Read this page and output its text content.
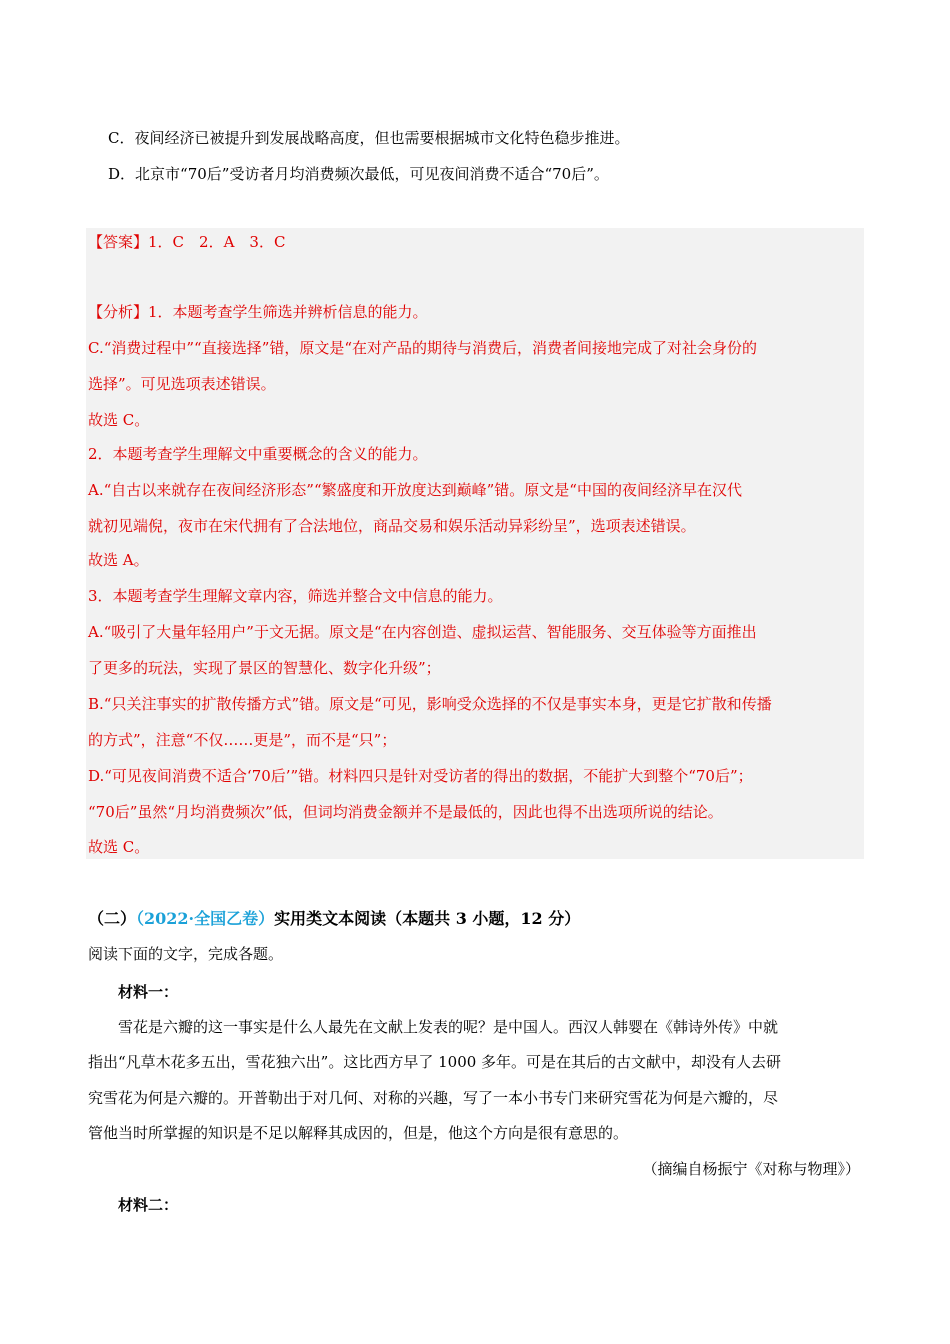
C．夜间经济已被提升到发展战略高度，但也需要根据城市文化特色稳步推进。
D．北京市“70后”受访者月均消费频次最低，可见夜间消费不适合“70后”。
【答案】1．C　2．A　3．C
【分析】1．本题考查学生筛选并辨析信息的能力。
C.“消费过程中”“直接选择”错，原文是“在对产品的期待与消费后，消费者间接地完成了对社会身份的
选择”。可见选项表述错误。
故选 C。
2．本题考查学生理解文中重要概念的含义的能力。
A.“自古以来就存在夜间经济形态”“繁盛度和开放度达到巅峰”错。原文是“中国的夜间经济早在汉代
就初见端倪，夜市在宋代拥有了合法地位，商品交易和娱乐活动异彩纷呈”，选项表述错误。
故选 A。
3．本题考查学生理解文章内容，筛选并整合文中信息的能力。
A.“吸引了大量年轻用户”于文无据。原文是“在内容创造、虚拟运营、智能服务、交互体验等方面推出
了更多的玩法，实现了景区的智慧化、数字化升级”；
B.“只关注事实的扩散传播方式”错。原文是“可见，影响受众选择的不仅是事实本身，更是它扩散和传播
的方式”，注意“不仅……更是”，而不是“只”；
D.“可见夜间消费不适合‘70后’”错。材料四只是针对受访者的得出的数据，不能扩大到整个“70后”；
“70后”虽然“月均消费频次”低，但词均消费金额并不是最低的，因此也得不出选项所说的结论。
故选 C。
（二）（2022·全国乙卷）实用类文本阅读（本题共 3 小题，12 分）
阅读下面的文字，完成各题。
材料一：
雪花是六瓣的这一事实是什么人最先在文献上发表的呢？是中国人。西汉人韩婴在《韩诗外传》中就
指出“凡草木花多五出，雪花独六出”。这比西方早了 1000 多年。可是在其后的古文献中，却没有人去研
究雪花为何是六瓣的。开普勒出于对几何、对称的兴趣，写了一本小书专门来研究雪花为何是六瓣的，尽
管他当时所掌握的知识是不足以解释其成因的，但是，他这个方向是很有意思的。
（摘编自杨振宁《对称与物理》）
材料二：
